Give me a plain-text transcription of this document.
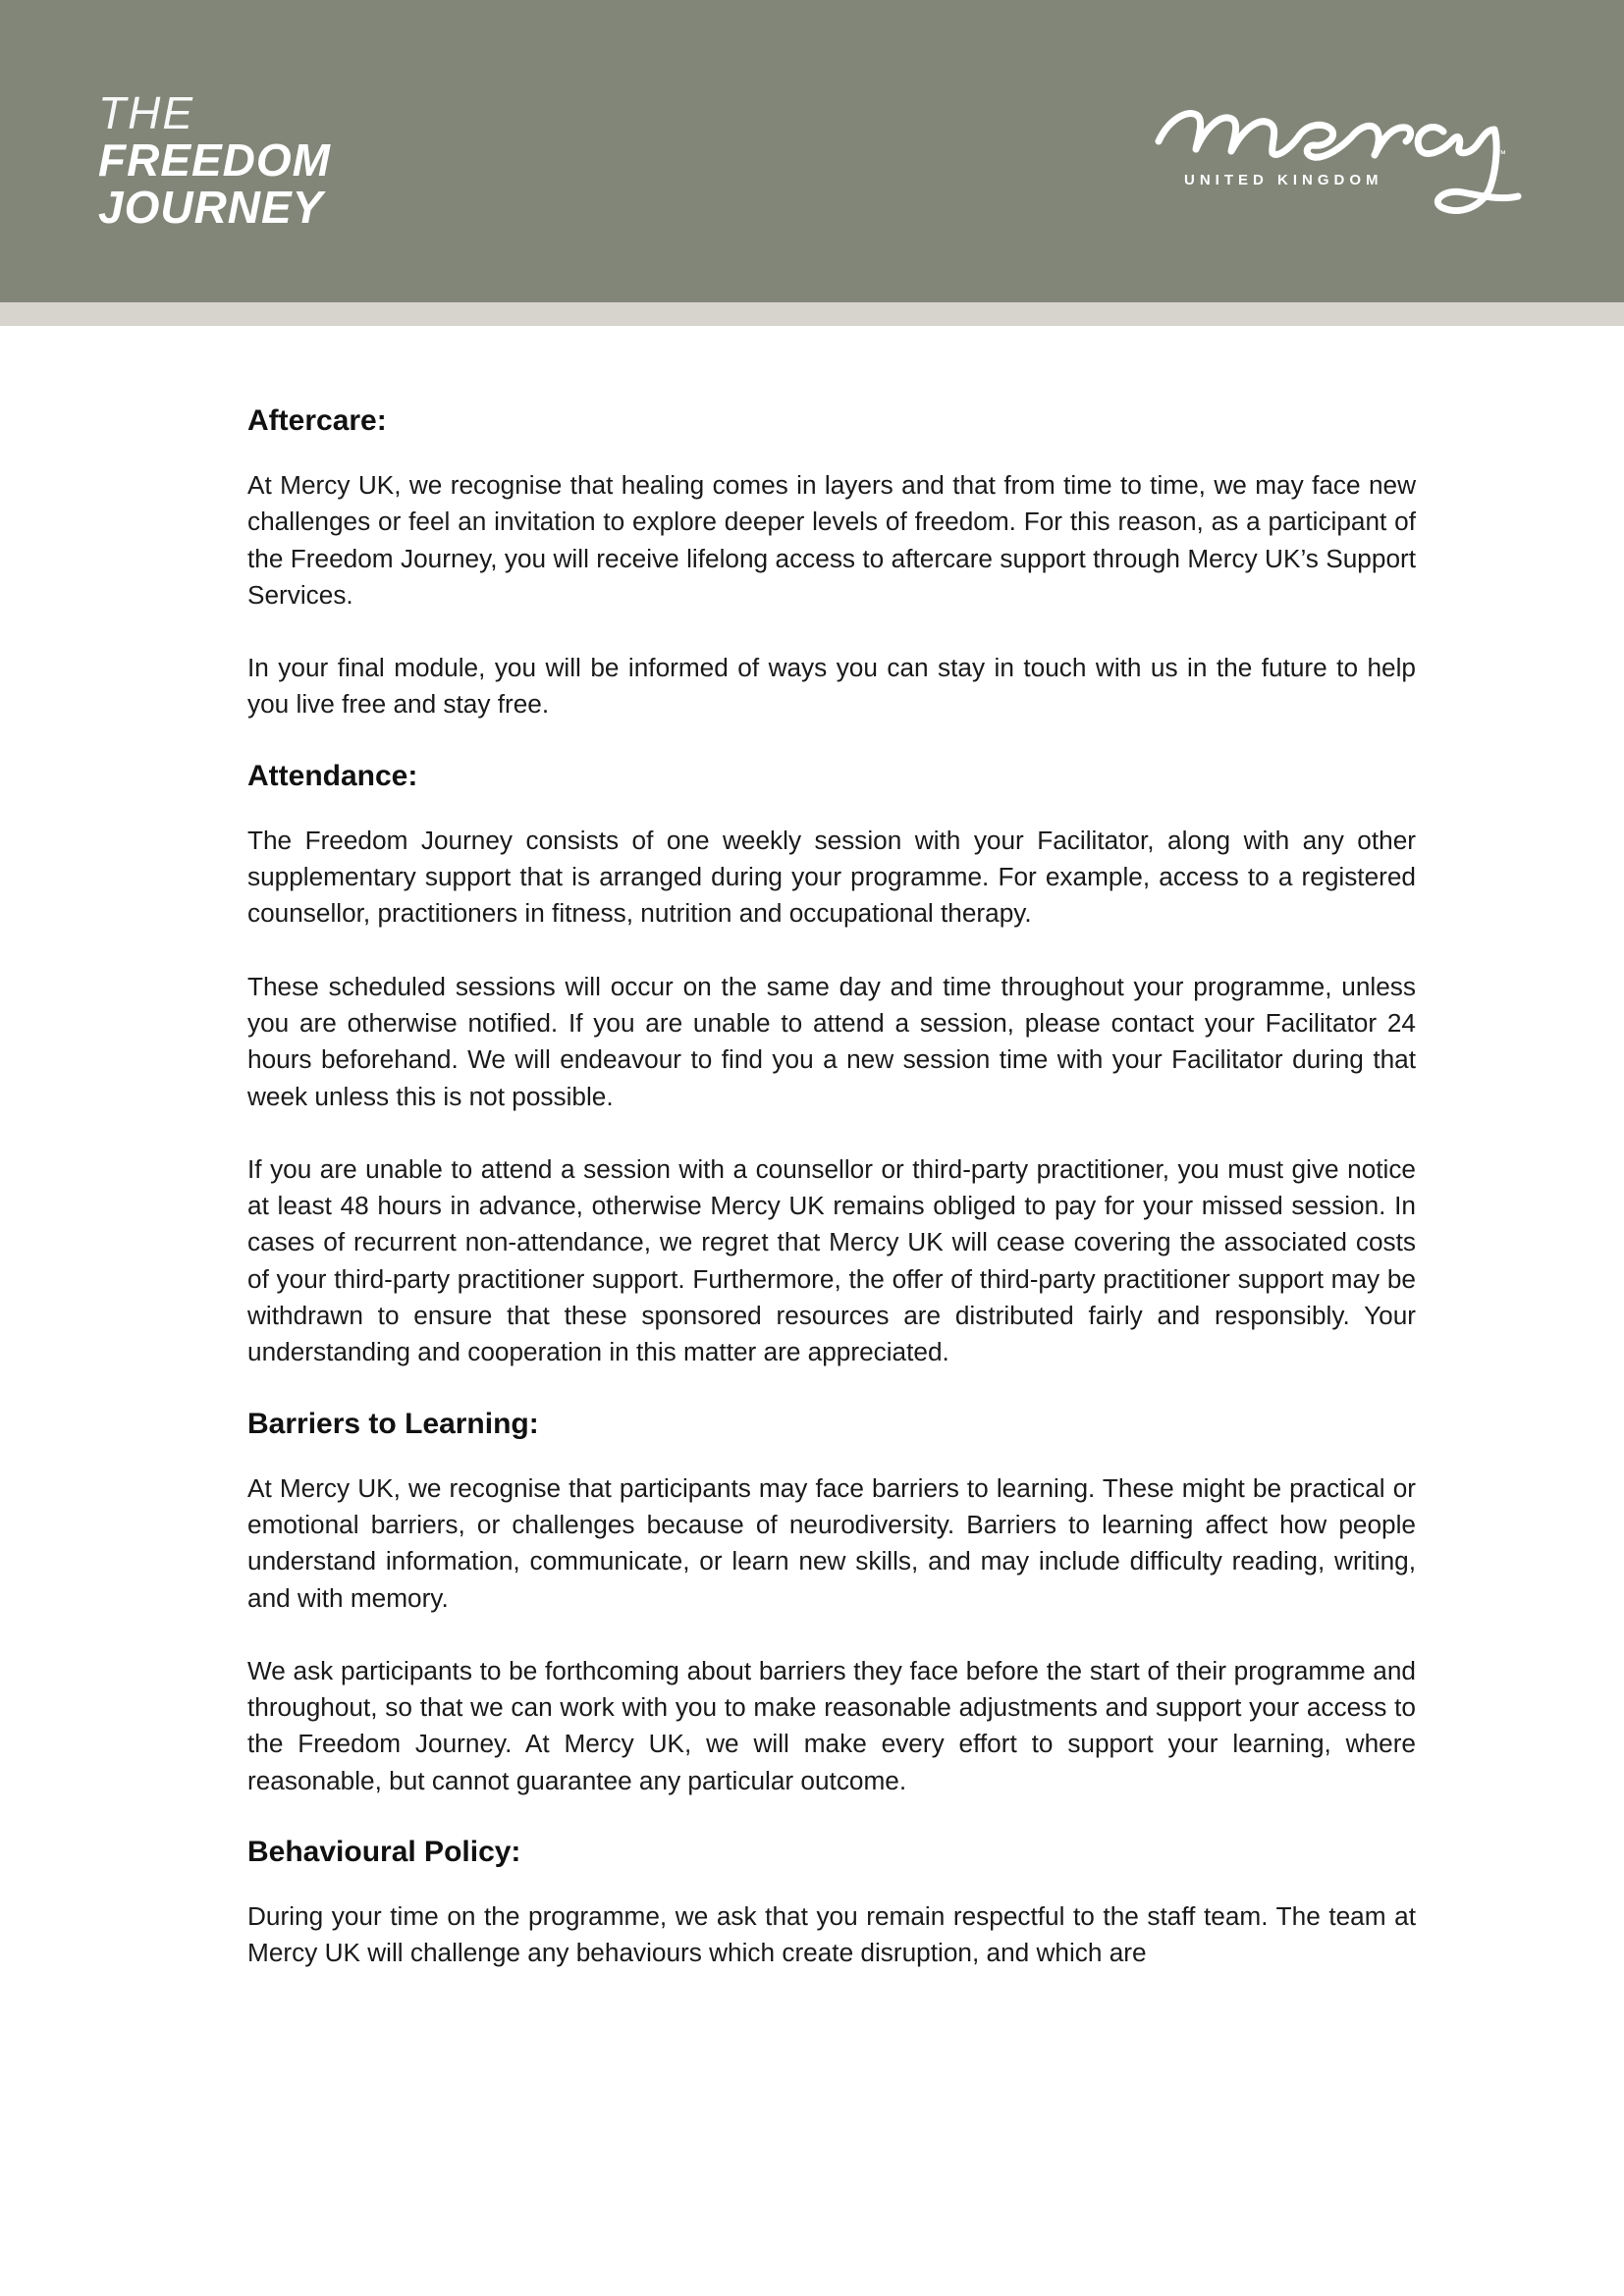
THE
FREEDOM
JOURNEY
™
UNITED KINGDOM
Aftercare:

At Mercy UK, we recognise that healing comes in layers and that from time to time, we may face new challenges or feel an invitation to explore deeper levels of freedom. For this reason, as a participant of the Freedom Journey, you will receive lifelong access to aftercare support through Mercy UK’s Support Services.

In your final module, you will be informed of ways you can stay in touch with us in the future to help you live free and stay free.

Attendance:

The Freedom Journey consists of one weekly session with your Facilitator, along with any other supplementary support that is arranged during your programme. For example, access to a registered counsellor, practitioners in fitness, nutrition and occupational therapy.

These scheduled sessions will occur on the same day and time throughout your programme, unless you are otherwise notified. If you are unable to attend a session, please contact your Facilitator 24 hours beforehand. We will endeavour to find you a new session time with your Facilitator during that week unless this is not possible.

If you are unable to attend a session with a counsellor or third-party practitioner, you must give notice at least 48 hours in advance, otherwise Mercy UK remains obliged to pay for your missed session. In cases of recurrent non-attendance, we regret that Mercy UK will cease covering the associated costs of your third-party practitioner support. Furthermore, the offer of third-party practitioner support may be withdrawn to ensure that these sponsored resources are distributed fairly and responsibly. Your understanding and cooperation in this matter are appreciated.

Barriers to Learning:

At Mercy UK, we recognise that participants may face barriers to learning. These might be practical or emotional barriers, or challenges because of neurodiversity. Barriers to learning affect how people understand information, communicate, or learn new skills, and may include difficulty reading, writing, and with memory.

We ask participants to be forthcoming about barriers they face before the start of their programme and throughout, so that we can work with you to make reasonable adjustments and support your access to the Freedom Journey. At Mercy UK, we will make every effort to support your learning, where reasonable, but cannot guarantee any particular outcome.

Behavioural Policy:

During your time on the programme, we ask that you remain respectful to the staff team. The team at Mercy UK will challenge any behaviours which create disruption, and which are
